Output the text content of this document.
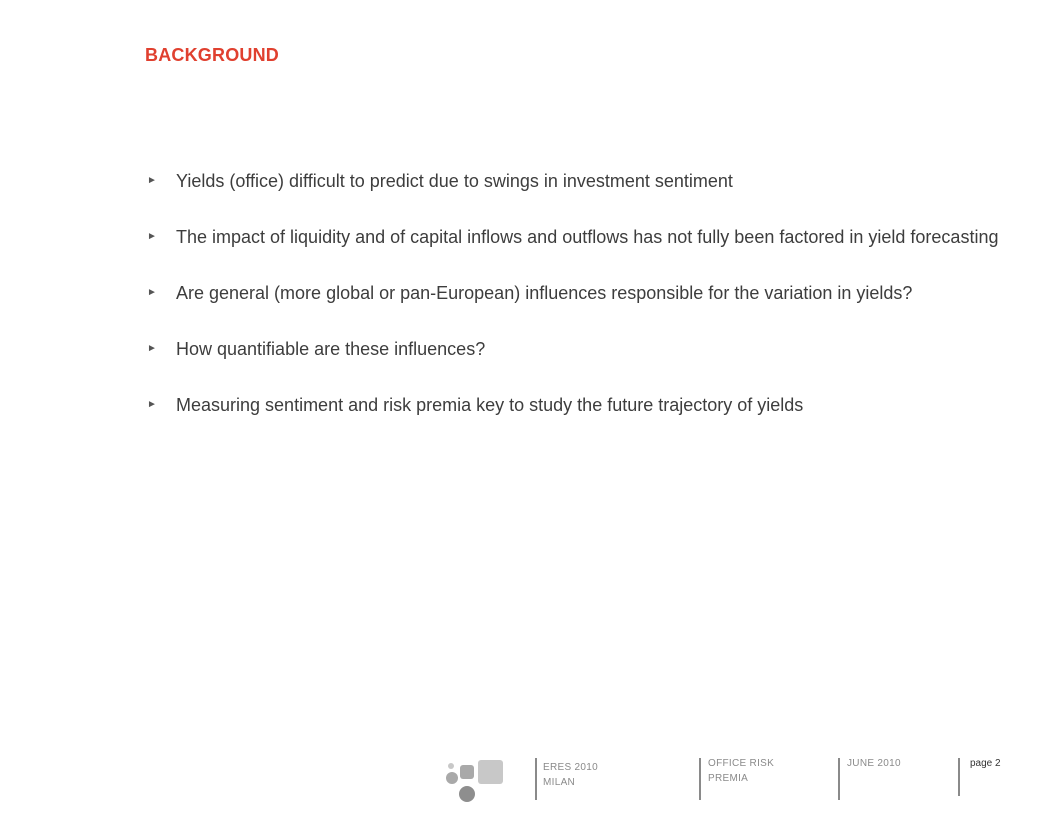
BACKGROUND
► Yields (office) difficult to predict due to swings in investment sentiment
► The impact of liquidity and of capital inflows and outflows has not fully been factored in yield forecasting
► Are general (more global or pan-European) influences responsible for the variation in yields?
► How quantifiable are these influences?
► Measuring sentiment and risk premia key to study the future trajectory of yields
ERES 2010
MILAN
OFFICE RISK
PREMIA
JUNE 2010	page 2
